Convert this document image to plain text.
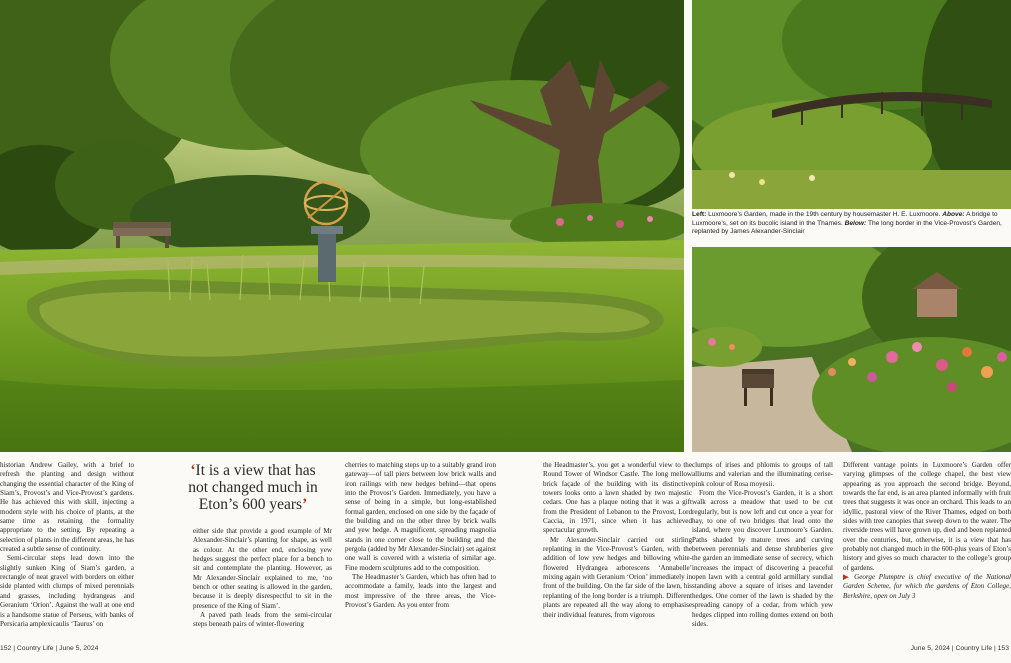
Left: Luxmoore’s Garden, made in the 19th century by housemaster H. E. Luxmoore. Above: A bridge to Luxmoore’s, set on its bucolic island in the Thames. Below: The long border in the Vice-Provost’s Garden, replanted by James Alexander-Sinclair

historian Andrew Gailey, with a brief to refresh the planting and design without changing the essential character of the King of Siam’s, Provost’s and Vice-Provost’s gardens. He has achieved this with skill, injecting a modern style with his choice of plants, at the same time as retaining the formality appropriate to the setting. By repeating a selection of plants in the different areas, he has created a subtle sense of continuity.

Semi-circular steps lead down into the slightly sunken King of Siam’s garden, a rectangle of neat gravel with borders on either side planted with clumps of mixed perennials and grasses, including hydrangeas and Geranium ‘Orion’. Against the wall at one end is a handsome statue of Perseus, with banks of Persicaria amplexicaulis ‘Taurus’ on

‘It is a view that has not changed much in Eton’s 600 years’

either side that provide a good example of Mr Alexander-Sinclair’s planting for shape, as well as colour. At the other end, enclosing yew hedges suggest the perfect place for a bench to sit and contemplate the planting. However, as Mr Alexander-Sinclair explained to me, ‘no bench or other seating is allowed in the garden, because it is deeply disrespectful to sit in the presence of the King of Siam’.

A paved path leads from the semi-circular steps beneath pairs of winter-flowering

cherries to matching steps up to a suitably grand iron gateway—of tall piers between low brick walls and iron railings with new hedges behind—that opens into the Provost’s Garden. Immediately, you have a sense of being in a simple, but long-established formal garden, enclosed on one side by the façade of the building and on the other three by brick walls and yew hedge. A magnificent, spreading magnolia stands in one corner close to the building and the pergola (added by Mr Alexander-Sinclair) set against one wall is covered with a wisteria of similar age. Fine modern sculptures add to the composition.

The Headmaster’s Garden, which has often had to accommodate a family, leads into the largest and most impressive of the three areas, the Vice-Provost’s Garden. As you enter from

the Headmaster’s, you get a wonderful view to the Round Tower of Windsor Castle. The long mellow brick façade of the building with its distinctive towers looks onto a lawn shaded by two majestic cedars. One has a plaque noting that it was a gift from the President of Lebanon to the Provost, Lord Caccia, in 1971, since when it has achieved spectacular growth.

Mr Alexander-Sinclair carried out stirling replanting in the Vice-Provost’s Garden, with the addition of low yew hedges and billowing white-flowered Hydrangea arborescens ‘Annabelle’ mixing again with Geranium ‘Orion’ immediately in front of the building. On the far side of the lawn, his replanting of the long border is a triumph. Different plants are repeated all the way along to emphasise their individual features, from vigorous

clumps of irises and phlomis to groups of tall alliums and valerian and the illuminating cerise-pink colour of Rosa moyesii.

From the Vice-Provost’s Garden, it is a short walk across a meadow that used to be cut regularly, but is now left and cut once a year for hay, to one of two bridges that lead onto the island, where you discover Luxmoore’s Garden. Paths shaded by mature trees and curving between perennials and dense shrubberies give the garden an immediate sense of secrecy, which increases the impact of discovering a peaceful open lawn with a central gold armillary sundial standing above a square of irises and lavender hedges. One corner of the lawn is shaded by the spreading canopy of a cedar, from which yew hedges clipped into rolling domes extend on both sides.

Different vantage points in Luxmoore’s Garden offer varying glimpses of the college chapel, the best view appearing as you approach the second bridge. Beyond, towards the far end, is an area planted informally with fruit trees that suggests it was once an orchard. This leads to an idyllic, pastoral view of the River Thames, edged on both sides with tree canopies that sweep down to the water. The riverside trees will have grown up, died and been replanted over the centuries, but, otherwise, it is a view that has probably not changed much in the 600-plus years of Eton’s history and gives so much character to the college’s group of gardens.

▶ George Plumptre is chief executive of the National Garden Scheme, for which the gardens of Eton College, Berkshire, open on July 3

152 | Country Life | June 5, 2024	June 5, 2024 | Country Life | 153
